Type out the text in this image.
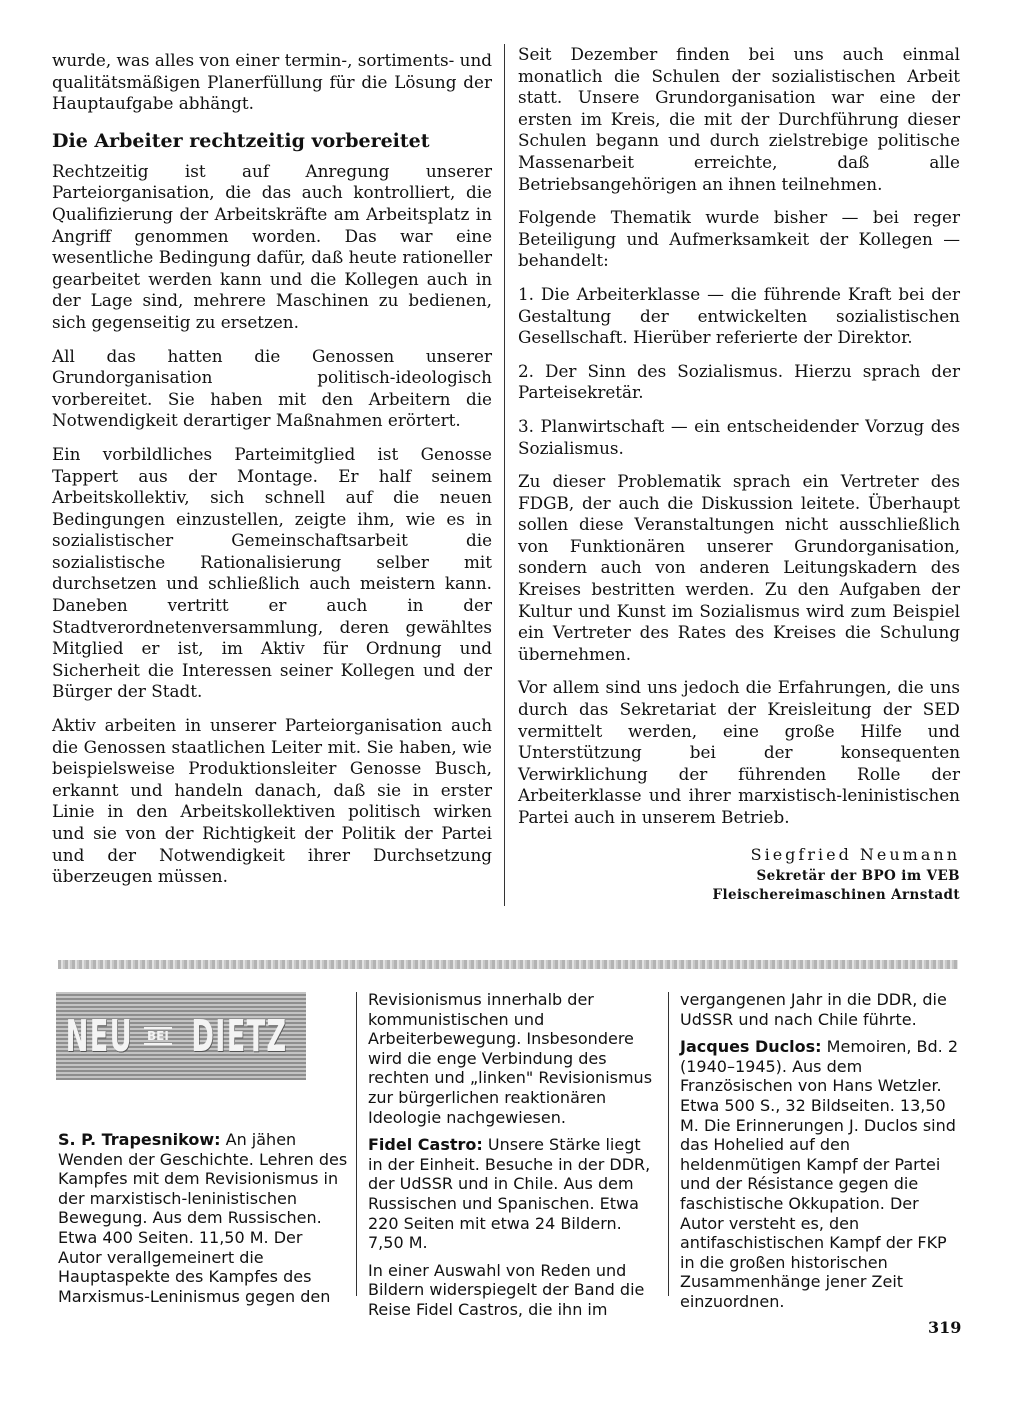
wurde, was alles von einer termin-, sortiments- und qualitätsmäßigen Planerfüllung für die Lösung der Hauptaufgabe abhängt.

Die Arbeiter rechtzeitig vorbereitet

Rechtzeitig ist auf Anregung unserer Parteiorganisation, die das auch kontrolliert, die Qualifizierung der Arbeitskräfte am Arbeitsplatz in Angriff genommen worden. Das war eine wesentliche Bedingung dafür, daß heute rationeller gearbeitet werden kann und die Kollegen auch in der Lage sind, mehrere Maschinen zu bedienen, sich gegenseitig zu ersetzen.

All das hatten die Genossen unserer Grundorganisation politisch-ideologisch vorbereitet. Sie haben mit den Arbeitern die Notwendigkeit derartiger Maßnahmen erörtert.

Ein vorbildliches Parteimitglied ist Genosse Tappert aus der Montage. Er half seinem Arbeitskollektiv, sich schnell auf die neuen Bedingungen einzustellen, zeigte ihm, wie es in sozialistischer Gemeinschaftsarbeit die sozialistische Rationalisierung selber mit durchsetzen und schließlich auch meistern kann. Daneben vertritt er auch in der Stadtverordnetenversammlung, deren gewähltes Mitglied er ist, im Aktiv für Ordnung und Sicherheit die Interessen seiner Kollegen und der Bürger der Stadt.

Aktiv arbeiten in unserer Parteiorganisation auch die Genossen staatlichen Leiter mit. Sie haben, wie beispielsweise Produktionsleiter Genosse Busch, erkannt und handeln danach, daß sie in erster Linie in den Arbeitskollektiven politisch wirken und sie von der Richtigkeit der Politik der Partei und der Notwendigkeit ihrer Durchsetzung überzeugen müssen.

Seit Dezember finden bei uns auch einmal monatlich die Schulen der sozialistischen Arbeit statt. Unsere Grundorganisation war eine der ersten im Kreis, die mit der Durchführung dieser Schulen begann und durch zielstrebige politische Massenarbeit erreichte, daß alle Betriebsangehörigen an ihnen teilnehmen.

Folgende Thematik wurde bisher — bei reger Beteiligung und Aufmerksamkeit der Kollegen — behandelt:

1. Die Arbeiterklasse — die führende Kraft bei der Gestaltung der entwickelten sozialistischen Gesellschaft. Hierüber referierte der Direktor.

2. Der Sinn des Sozialismus. Hierzu sprach der Parteisekretär.

3. Planwirtschaft — ein entscheidender Vorzug des Sozialismus.

Zu dieser Problematik sprach ein Vertreter des FDGB, der auch die Diskussion leitete. Überhaupt sollen diese Veranstaltungen nicht ausschließlich von Funktionären unserer Grundorganisation, sondern auch von anderen Leitungskadern des Kreises bestritten werden. Zu den Aufgaben der Kultur und Kunst im Sozialismus wird zum Beispiel ein Vertreter des Rates des Kreises die Schulung übernehmen.

Vor allem sind uns jedoch die Erfahrungen, die uns durch das Sekretariat der Kreisleitung der SED vermittelt werden, eine große Hilfe und Unterstützung bei der konsequenten Verwirklichung der führenden Rolle der Arbeiterklasse und ihrer marxistisch-leninistischen Partei auch in unserem Betrieb.

Siegfried Neumann
Sekretär der BPO im VEB
Fleischereimaschinen Arnstadt
NEU BEI DIETZ

S. P. Trapesnikow: An jähen Wenden der Geschichte. Lehren des Kampfes mit dem Revisionismus in der marxistisch-leninistischen Bewegung. Aus dem Russischen. Etwa 400 Seiten. 11,50 M. Der Autor verallgemeinert die Hauptaspekte des Kampfes des Marxismus-Leninismus gegen den

Revisionismus innerhalb der kommunistischen und Arbeiterbewegung. Insbesondere wird die enge Verbindung des rechten und „linken" Revisionismus zur bürgerlichen reaktionären Ideologie nachgewiesen.

Fidel Castro: Unsere Stärke liegt in der Einheit. Besuche in der DDR, der UdSSR und in Chile. Aus dem Russischen und Spanischen. Etwa 220 Seiten mit etwa 24 Bildern. 7,50 M.

In einer Auswahl von Reden und Bildern widerspiegelt der Band die Reise Fidel Castros, die ihn im

vergangenen Jahr in die DDR, die UdSSR und nach Chile führte.

Jacques Duclos: Memoiren, Bd. 2 (1940–1945). Aus dem Französischen von Hans Wetzler. Etwa 500 S., 32 Bildseiten. 13,50 M. Die Erinnerungen J. Duclos sind das Hohelied auf den heldenmütigen Kampf der Partei und der Résistance gegen die faschistische Okkupation. Der Autor versteht es, den antifaschistischen Kampf der FKP in die großen historischen Zusammenhänge jener Zeit einzuordnen.

319
